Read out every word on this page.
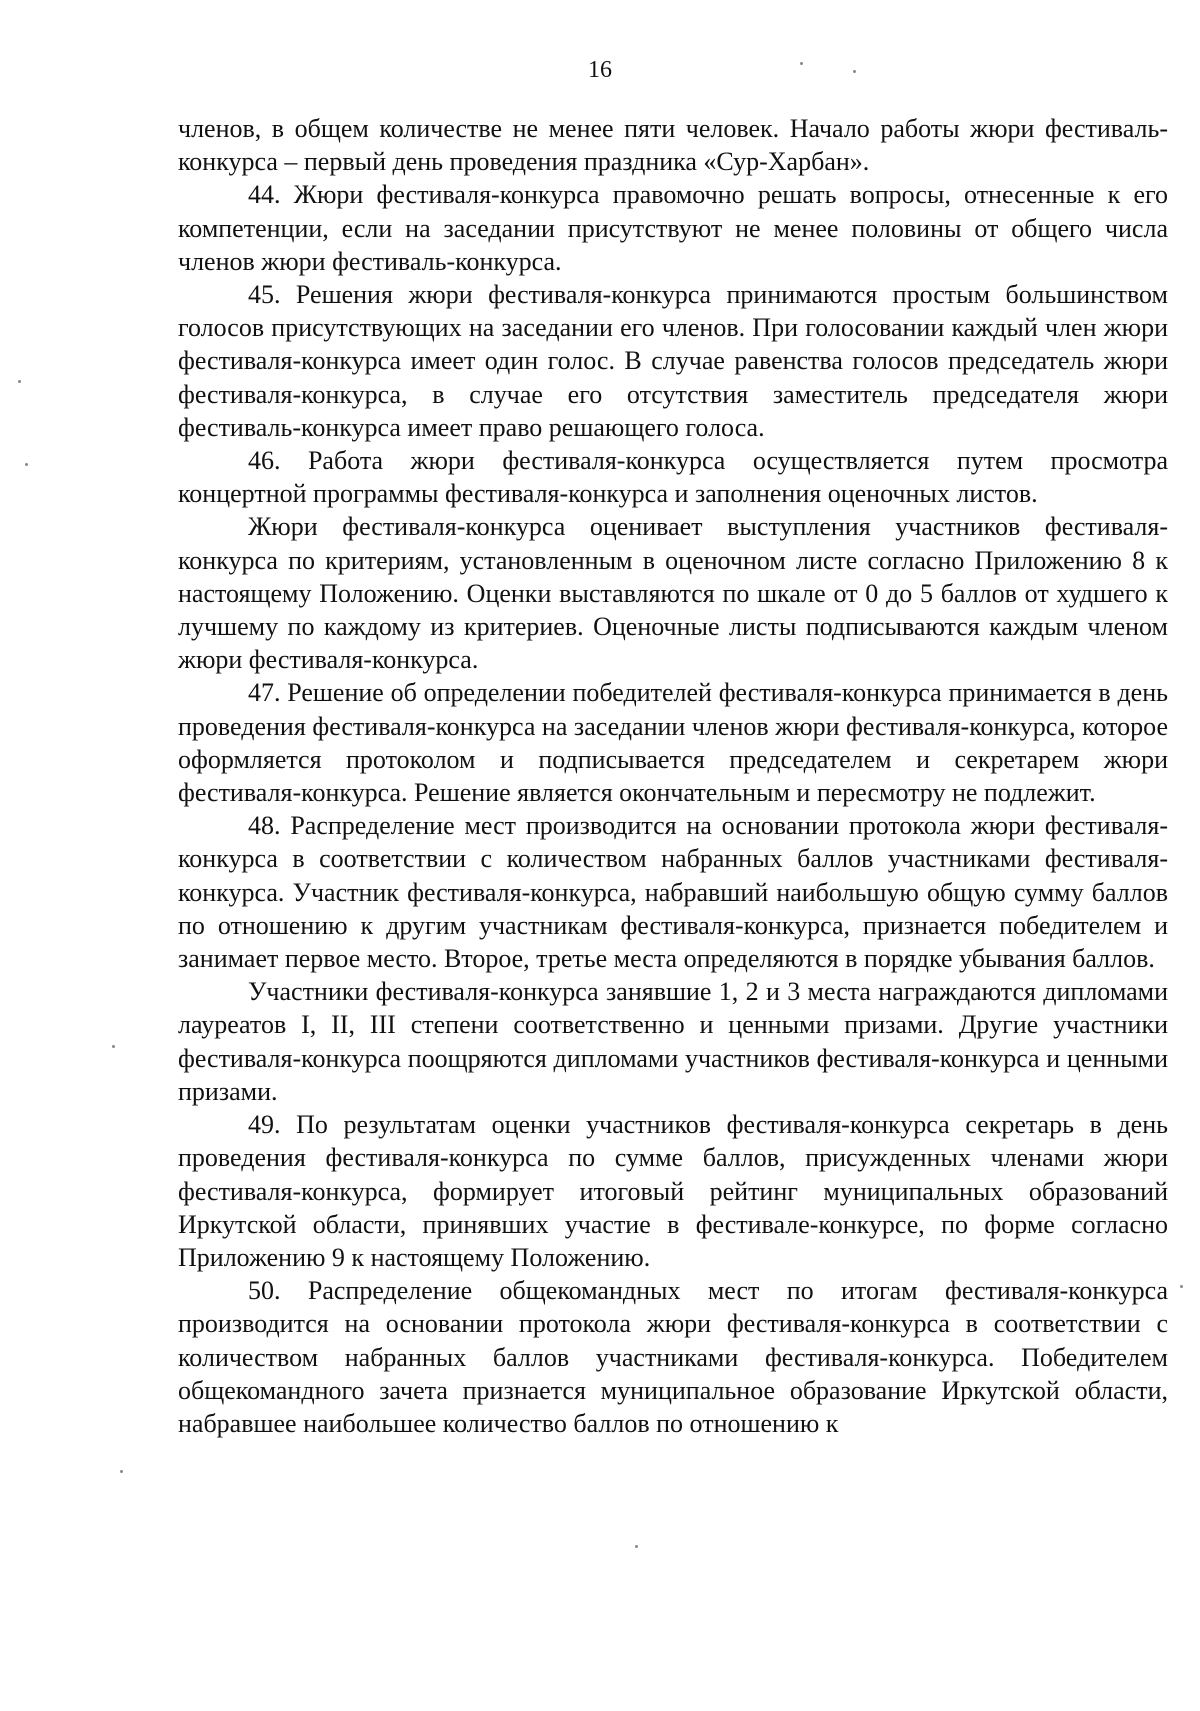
16

членов, в общем количестве не менее пяти человек. Начало работы жюри фестиваль-конкурса – первый день проведения праздника «Сур-Харбан».

44. Жюри фестиваля-конкурса правомочно решать вопросы, отнесенные к его компетенции, если на заседании присутствуют не менее половины от общего числа членов жюри фестиваль-конкурса.

45. Решения жюри фестиваля-конкурса принимаются простым большинством голосов присутствующих на заседании его членов. При голосовании каждый член жюри фестиваля-конкурса имеет один голос. В случае равенства голосов председатель жюри фестиваля-конкурса, в случае его отсутствия заместитель председателя жюри фестиваль-конкурса имеет право решающего голоса.

46. Работа жюри фестиваля-конкурса осуществляется путем просмотра концертной программы фестиваля-конкурса и заполнения оценочных листов.

Жюри фестиваля-конкурса оценивает выступления участников фестиваля-конкурса по критериям, установленным в оценочном листе согласно Приложению 8 к настоящему Положению. Оценки выставляются по шкале от 0 до 5 баллов от худшего к лучшему по каждому из критериев. Оценочные листы подписываются каждым членом жюри фестиваля-конкурса.

47. Решение об определении победителей фестиваля-конкурса принимается в день проведения фестиваля-конкурса на заседании членов жюри фестиваля-конкурса, которое оформляется протоколом и подписывается председателем и секретарем жюри фестиваля-конкурса. Решение является окончательным и пересмотру не подлежит.

48. Распределение мест производится на основании протокола жюри фестиваля-конкурса в соответствии с количеством набранных баллов участниками фестиваля-конкурса. Участник фестиваля-конкурса, набравший наибольшую общую сумму баллов по отношению к другим участникам фестиваля-конкурса, признается победителем и занимает первое место. Второе, третье места определяются в порядке убывания баллов.

Участники фестиваля-конкурса занявшие 1, 2 и 3 места награждаются дипломами лауреатов I, II, III степени соответственно и ценными призами. Другие участники фестиваля-конкурса поощряются дипломами участников фестиваля-конкурса и ценными призами.

49. По результатам оценки участников фестиваля-конкурса секретарь в день проведения фестиваля-конкурса по сумме баллов, присужденных членами жюри фестиваля-конкурса, формирует итоговый рейтинг муниципальных образований Иркутской области, принявших участие в фестивале-конкурсе, по форме согласно Приложению 9 к настоящему Положению.

50. Распределение общекомандных мест по итогам фестиваля-конкурса производится на основании протокола жюри фестиваля-конкурса в соответствии с количеством набранных баллов участниками фестиваля-конкурса. Победителем общекомандного зачета признается муниципальное образование Иркутской области, набравшее наибольшее количество баллов по отношению к
